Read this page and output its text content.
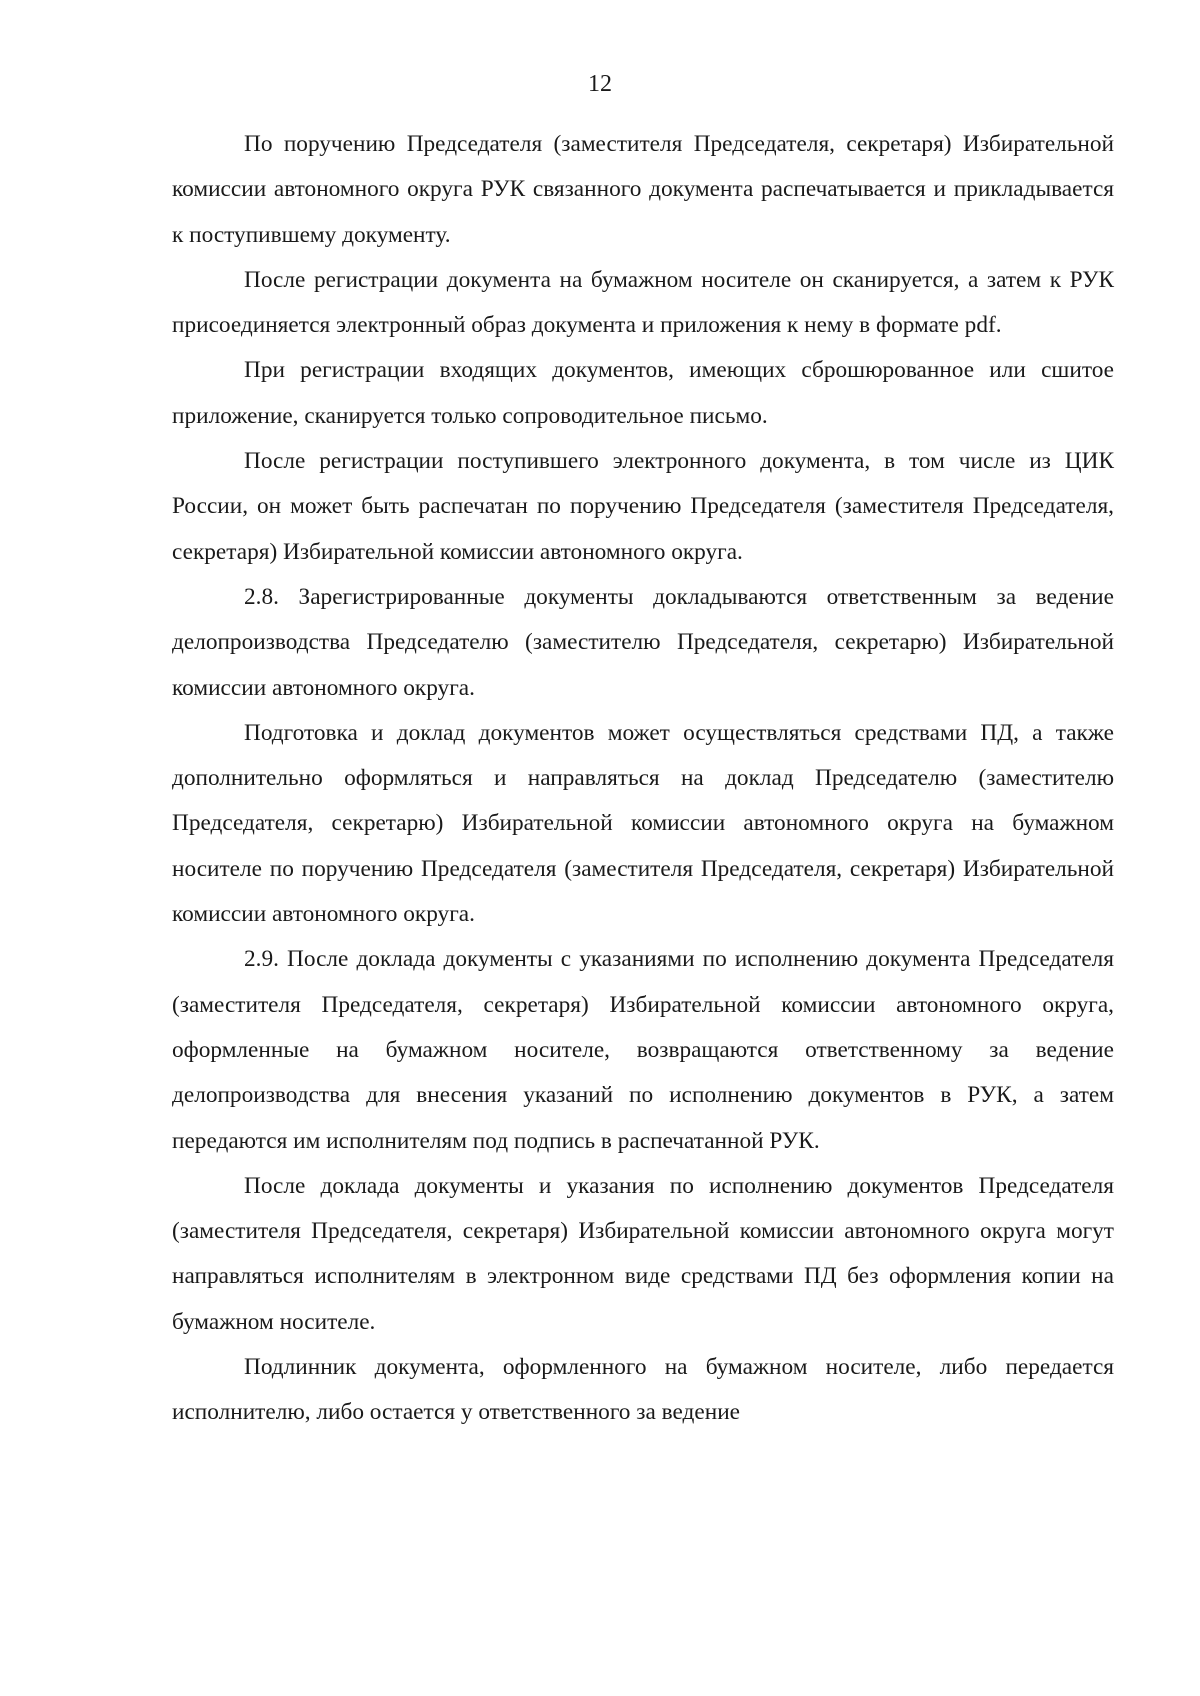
12

По поручению Председателя (заместителя Председателя, секретаря) Избирательной комиссии автономного округа РУК связанного документа распечатывается и прикладывается к поступившему документу.

После регистрации документа на бумажном носителе он сканируется, а затем к РУК присоединяется электронный образ документа и приложения к нему в формате pdf.

При регистрации входящих документов, имеющих сброшюрованное или сшитое приложение, сканируется только сопроводительное письмо.

После регистрации поступившего электронного документа, в том числе из ЦИК России, он может быть распечатан по поручению Председателя (заместителя Председателя, секретаря) Избирательной комиссии автономного округа.

2.8. Зарегистрированные документы докладываются ответственным за ведение делопроизводства Председателю (заместителю Председателя, секретарю) Избирательной комиссии автономного округа.

Подготовка и доклад документов может осуществляться средствами ПД, а также дополнительно оформляться и направляться на доклад Председателю (заместителю Председателя, секретарю) Избирательной комиссии автономного округа на бумажном носителе по поручению Председателя (заместителя Председателя, секретаря) Избирательной комиссии автономного округа.

2.9. После доклада документы с указаниями по исполнению документа Председателя (заместителя Председателя, секретаря) Избирательной комиссии автономного округа, оформленные на бумажном носителе, возвращаются ответственному за ведение делопроизводства для внесения указаний по исполнению документов в РУК, а затем передаются им исполнителям под подпись в распечатанной РУК.

После доклада документы и указания по исполнению документов Председателя (заместителя Председателя, секретаря) Избирательной комиссии автономного округа могут направляться исполнителям в электронном виде средствами ПД без оформления копии на бумажном носителе.

Подлинник документа, оформленного на бумажном носителе, либо передается исполнителю, либо остается у ответственного за ведение
